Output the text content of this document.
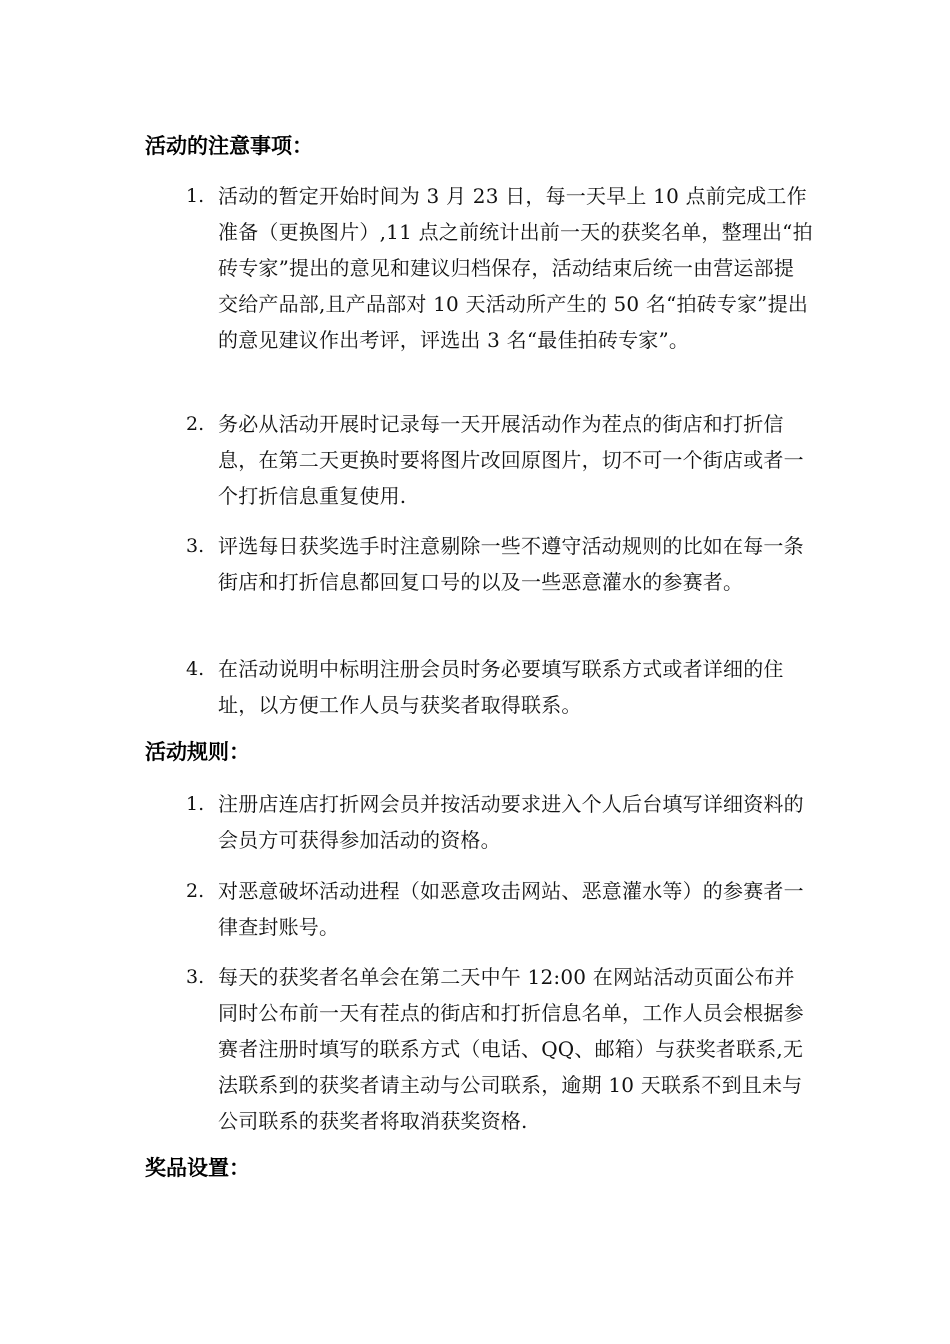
活动的注意事项：
1. 活动的暂定开始时间为 3 月 23 日，每一天早上 10 点前完成工作准备（更换图片）,11 点之前统计出前一天的获奖名单，整理出“拍砖专家”提出的意见和建议归档保存，活动结束后统一由营运部提交给产品部,且产品部对 10 天活动所产生的 50 名“拍砖专家”提出的意见建议作出考评，评选出 3 名“最佳拍砖专家”。
2. 务必从活动开展时记录每一天开展活动作为茬点的街店和打折信息，在第二天更换时要将图片改回原图片，切不可一个街店或者一个打折信息重复使用.
3. 评选每日获奖选手时注意剔除一些不遵守活动规则的比如在每一条街店和打折信息都回复口号的以及一些恶意灌水的参赛者。
4. 在活动说明中标明注册会员时务必要填写联系方式或者详细的住址，以方便工作人员与获奖者取得联系。
活动规则：
1. 注册店连店打折网会员并按活动要求进入个人后台填写详细资料的会员方可获得参加活动的资格。
2. 对恶意破坏活动进程（如恶意攻击网站、恶意灌水等）的参赛者一律查封账号。
3. 每天的获奖者名单会在第二天中午 12:00 在网站活动页面公布并同时公布前一天有茬点的街店和打折信息名单，工作人员会根据参赛者注册时填写的联系方式（电话、QQ、邮箱）与获奖者联系,无法联系到的获奖者请主动与公司联系，逾期 10 天联系不到且未与公司联系的获奖者将取消获奖资格.
奖品设置：
